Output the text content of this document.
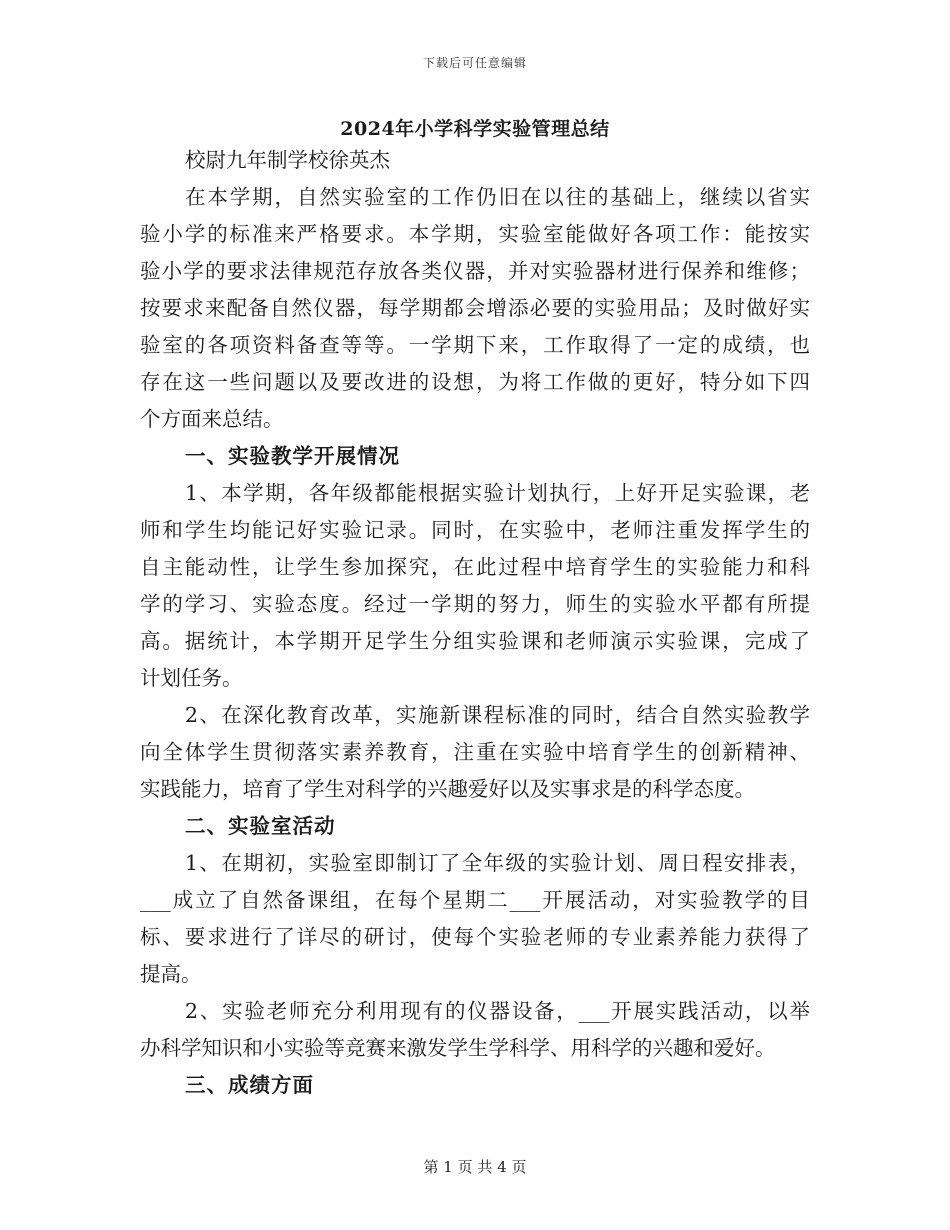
下载后可任意编辑
2024年小学科学实验管理总结
校尉九年制学校徐英杰
在本学期，自然实验室的工作仍旧在以往的基础上，继续以省实
验小学的标准来严格要求。本学期，实验室能做好各项工作：能按实
验小学的要求法律规范存放各类仪器，并对实验器材进行保养和维修；
按要求来配备自然仪器，每学期都会增添必要的实验用品；及时做好实
验室的各项资料备查等等。一学期下来，工作取得了一定的成绩，也
存在这一些问题以及要改进的设想，为将工作做的更好，特分如下四
个方面来总结。
一、实验教学开展情况
1、本学期，各年级都能根据实验计划执行，上好开足实验课，老
师和学生均能记好实验记录。同时，在实验中，老师注重发挥学生的
自主能动性，让学生参加探究，在此过程中培育学生的实验能力和科
学的学习、实验态度。经过一学期的努力，师生的实验水平都有所提
高。据统计，本学期开足学生分组实验课和老师演示实验课，完成了
计划任务。
2、在深化教育改革，实施新课程标准的同时，结合自然实验教学
向全体学生贯彻落实素养教育，注重在实验中培育学生的创新精神、
实践能力，培育了学生对科学的兴趣爱好以及实事求是的科学态度。
二、实验室活动
1、在期初，实验室即制订了全年级的实验计划、周日程安排表，
___成立了自然备课组，在每个星期二___开展活动，对实验教学的目
标、要求进行了详尽的研讨，使每个实验老师的专业素养能力获得了
提高。
2、实验老师充分利用现有的仪器设备，___开展实践活动，以举
办科学知识和小实验等竞赛来激发学生学科学、用科学的兴趣和爱好。
三、成绩方面
第 1 页 共 4 页
